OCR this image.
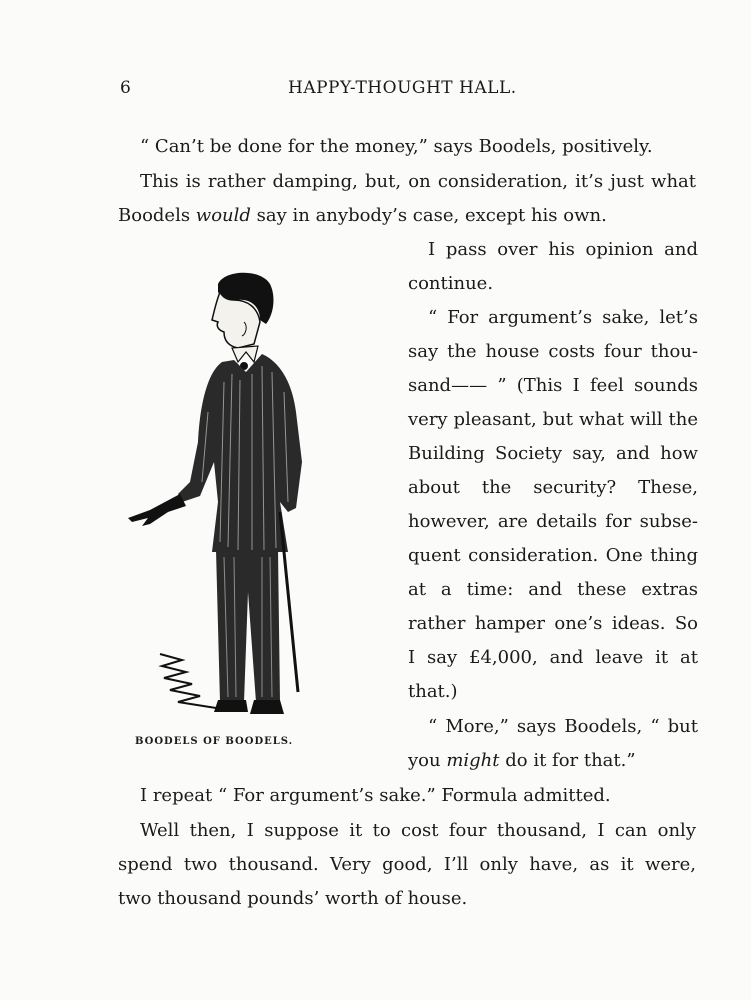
6	HAPPY-THOUGHT HALL.
“ Can’t be done for the money,” says Boodels, positively.
This is rather damping, but, on consideration, it’s just what
Boodels would say in anybody’s case, except his own.
I pass over his opinion and
continue.
“ For argument’s sake, let’s
say the house costs four thou-
sand—— ” (This I feel sounds
very pleasant, but what will the
Building Society say, and how
about the security? These,
however, are details for subse-
quent consideration. One thing
at a time: and these extras
rather hamper one’s ideas. So
I say £4,000, and leave it at
that.)
“ More,” says Boodels, “ but
you might do it for that.”
I repeat “ For argument’s sake.” Formula admitted.
Well then, I suppose it to cost four thousand, I can only
spend two thousand. Very good, I’ll only have, as it were,
two thousand pounds’ worth of house.
BOODELS OF BOODELS.
